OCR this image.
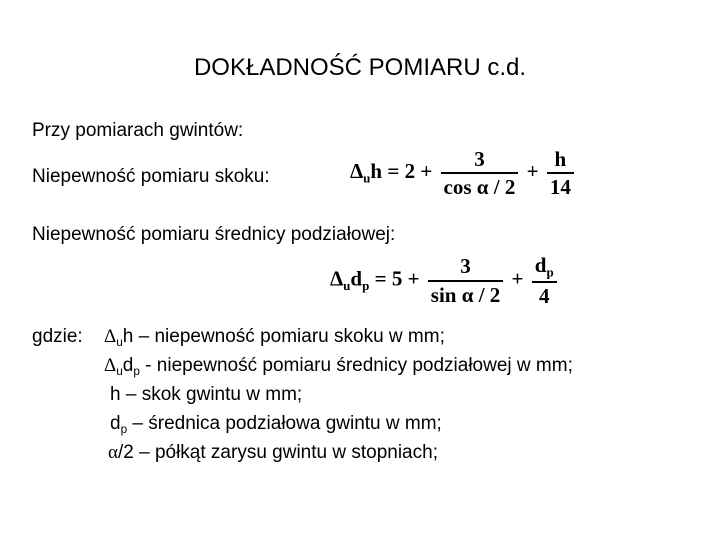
DOKŁADNOŚĆ POMIARU c.d.
Przy pomiarach gwintów:
Niepewność pomiaru skoku:	$\Delta_uh = 2 + \frac{3}{\text{cos α / 2}} + \frac{h}{14}$
Niepewność pomiaru średnicy podziałowej:
$\Delta_ud_p = 5 + \frac{3}{\text{sin α / 2}} + \frac{d_p}{4}$
gdzie: $\Delta_uh$ – niepewność pomiaru skoku w mm;
$\Delta_ud_p$ - niepewność pomiaru średnicy podziałowej w mm;
h – skok gwintu w mm;
$d_p$ – średnica podziałowa gwintu w mm;
α/2 – półkąt zarysu gwintu w stopniach;
